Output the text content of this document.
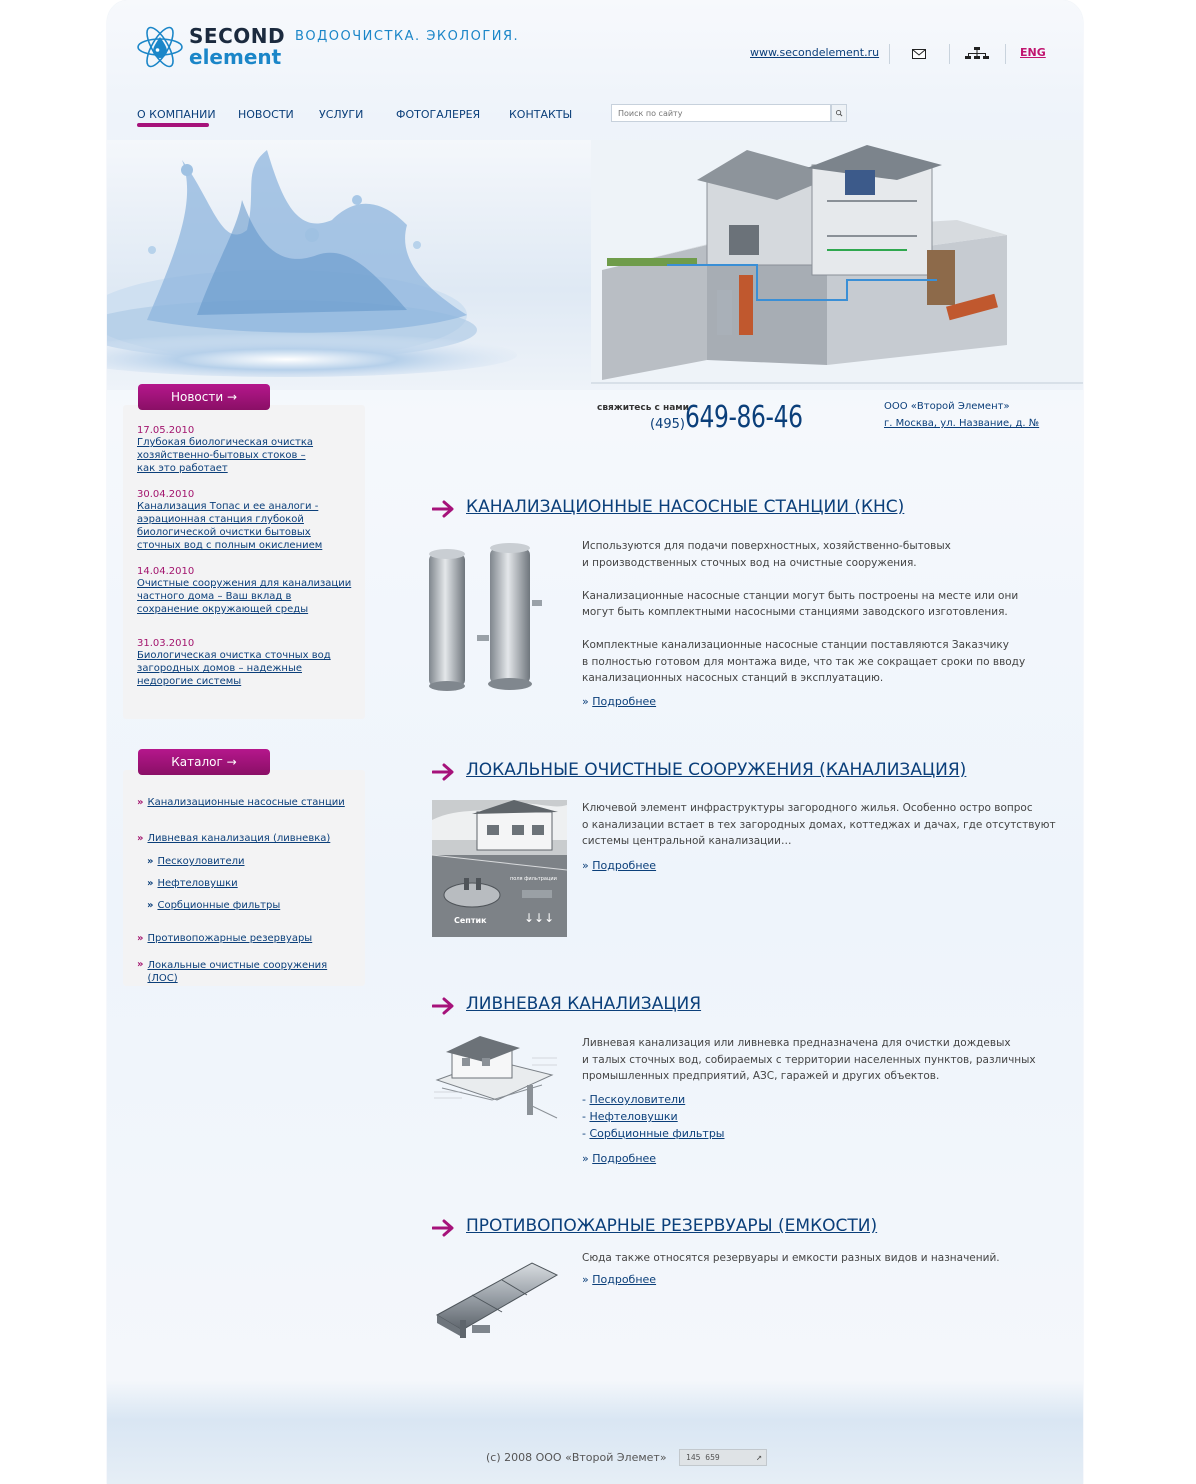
SECOND
element
ВОДООЧИСТКА. ЭКОЛОГИЯ.
www.secondelement.ru	ENG
О КОМПАНИИ НОВОСТИ УСЛУГИ	ФОТОГАЛЕРЕЯ	КОНТАКТЫ
Поиск по сайту
свяжитесь с нами
(495) 649-86-46	ООО «Второй Элемент»
г. Москва, ул. Название, д. №
Новости →
17.05.2010
Глубокая биологическая очистка
хозяйственно-бытовых стоков –
как это работает
30.04.2010
Канализация Топас и ее аналоги -
аэрационная станция глубокой
биологической очистки бытовых
сточных вод с полным окислением
14.04.2010
Очистные сооружения для канализации
частного дома – Ваш вклад в
сохранение окружающей среды
31.03.2010
Биологическая очистка сточных вод
загородных домов – надежные
недорогие системы
Каталог →
» Канализационные насосные станции
» Ливневая канализация (ливневка)
» Пескоуловители
» Нефтеловушки
» Сорбционные фильтры
» Противопожарные резервуары
» Локальные очистные сооружения
(ЛОС)
КАНАЛИЗАЦИОННЫЕ НАСОСНЫЕ СТАНЦИИ (КНС)
Используются для подачи поверхностных, хозяйственно-бытовых
и производственных сточных вод на очистные сооружения.
Канализационные насосные станции могут быть построены на месте или они
могут быть комплектными насосными станциями заводского изготовления.
Комплектные канализационные насосные станции поставляются Заказчику
в полностью готовом для монтажа виде, что так же сокращает сроки по вводу
канализационных насосных станций в эксплуатацию.
» Подробнее
ЛОКАЛЬНЫЕ ОЧИСТНЫЕ СООРУЖЕНИЯ (КАНАЛИЗАЦИЯ)
Септик
поля фильтрации
↓↓↓
Ключевой элемент инфраструктуры загородного жилья. Особенно остро вопрос
о канализации встает в тех загородных домах, коттеджах и дачах, где отсутствуют
системы центральной канализации…
» Подробнее
ЛИВНЕВАЯ КАНАЛИЗАЦИЯ
Ливневая канализация или ливневка предназначена для очистки дождевых
и талых сточных вод, собираемых с территории населенных пунктов, различных
промышленных предприятий, АЗС, гаражей и других объектов.
- Пескоуловители
- Нефтеловушки
- Сорбционные фильтры
» Подробнее
ПРОТИВОПОЖАРНЫЕ РЕЗЕРВУАРЫ (ЕМКОСТИ)
Сюда также относятся резервуары и емкости разных видов и назначений.
» Подробнее
(c) 2008 ООО «Второй Элемет»	145 659	↗
